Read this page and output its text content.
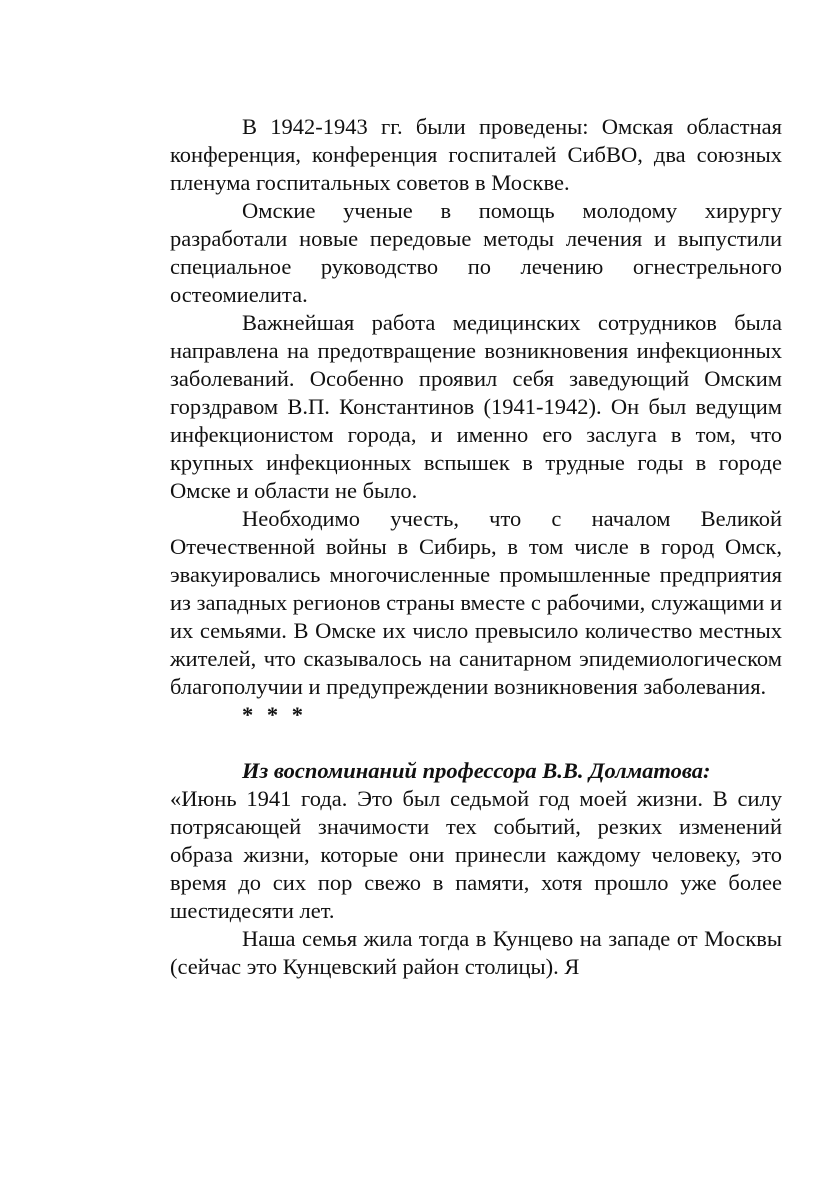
В 1942-1943 гг. были проведены: Омская областная конференция, конференция госпиталей СибВО, два союзных пленума госпитальных советов в Москве.

Омские ученые в помощь молодому хирургу разработали новые передовые методы лечения и выпустили специальное руководство по лечению огнестрельного остеомиелита.

Важнейшая работа медицинских сотрудников была направлена на предотвращение возникновения инфекционных заболеваний. Особенно проявил себя заведующий Омским горздравом В.П. Константинов (1941-1942). Он был ведущим инфекционистом города, и именно его заслуга в том, что крупных инфекционных вспышек в трудные годы в городе Омске и области не было.

Необходимо учесть, что с началом Великой Отечественной войны в Сибирь, в том числе в город Омск, эвакуировались многочисленные промышленные предприятия из западных регионов страны вместе с рабочими, служащими и их семьями. В Омске их число превысило количество местных жителей, что сказывалось на санитарном эпидемиологическом благополучии и предупреждении возникновения заболевания.

* * *

Из воспоминаний профессора В.В. Долматова:

«Июнь 1941 года. Это был седьмой год моей жизни. В силу потрясающей значимости тех событий, резких изменений образа жизни, которые они принесли каждому человеку, это время до сих пор свежо в памяти, хотя прошло уже более шестидесяти лет.

Наша семья жила тогда в Кунцево на западе от Москвы (сейчас это Кунцевский район столицы). Я
